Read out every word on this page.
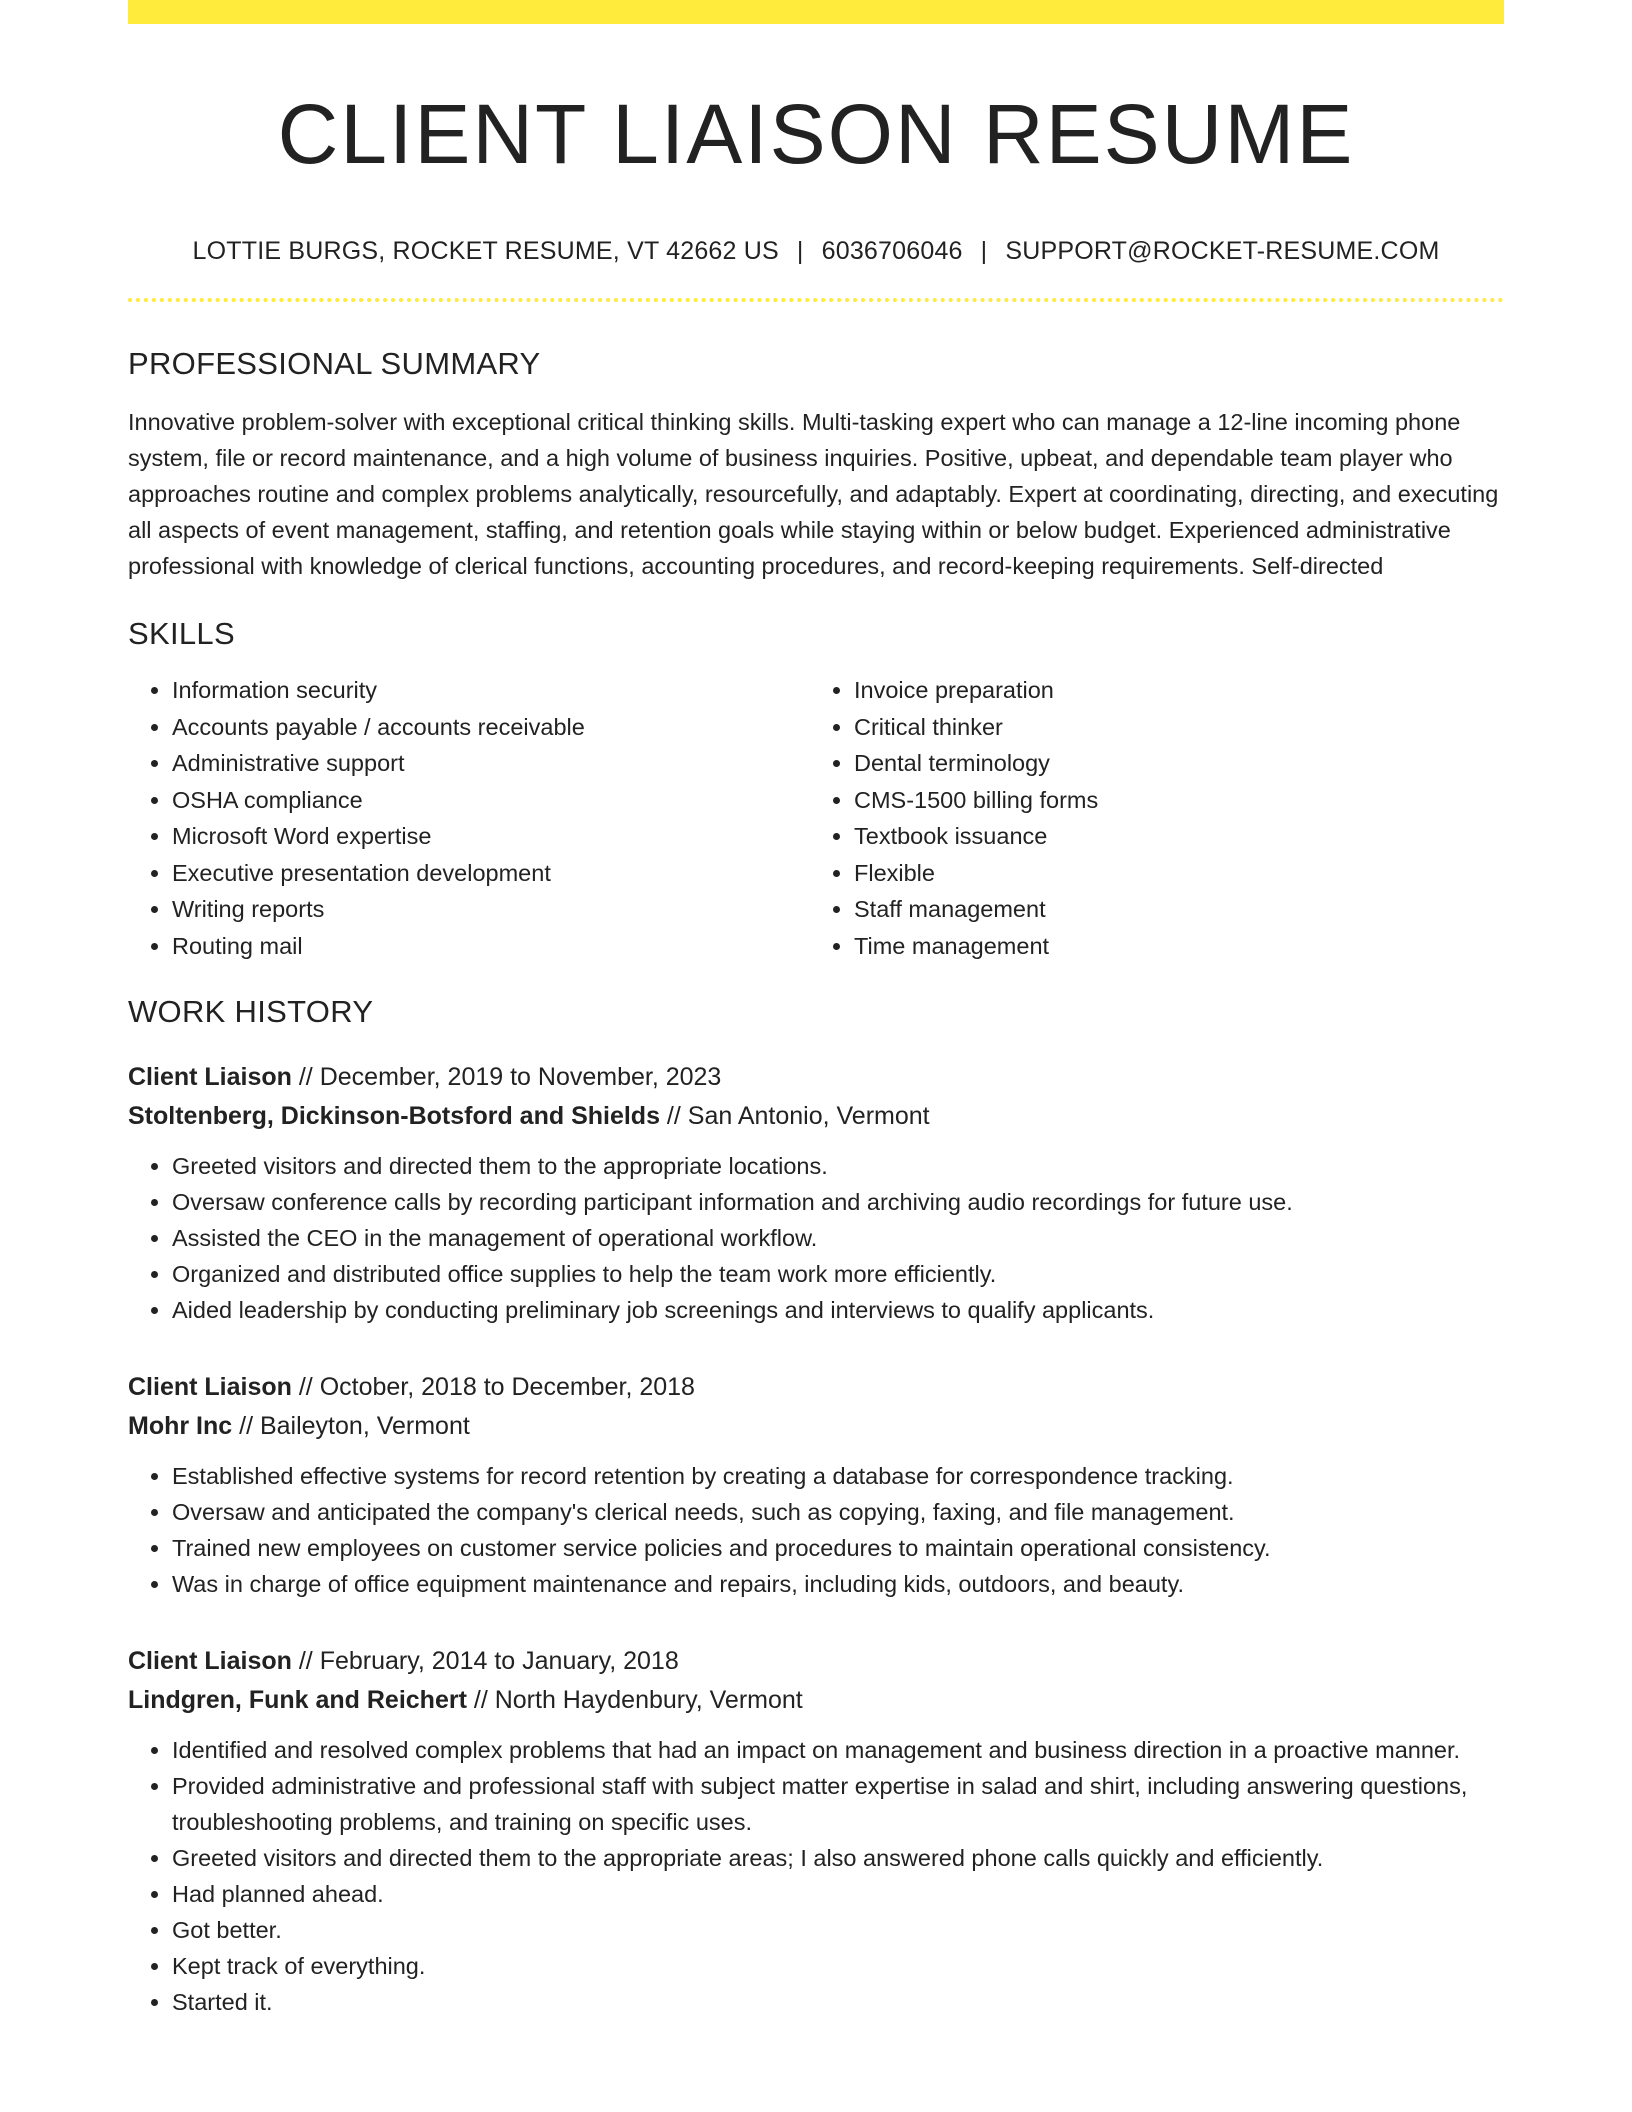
CLIENT LIAISON RESUME
LOTTIE BURGS, ROCKET RESUME, VT 42662 US | 6036706046 | SUPPORT@ROCKET-RESUME.COM
PROFESSIONAL SUMMARY

Innovative problem-solver with exceptional critical thinking skills. Multi-tasking expert who can manage a 12-line incoming phone system, file or record maintenance, and a high volume of business inquiries. Positive, upbeat, and dependable team player who approaches routine and complex problems analytically, resourcefully, and adaptably. Expert at coordinating, directing, and executing all aspects of event management, staffing, and retention goals while staying within or below budget. Experienced administrative professional with knowledge of clerical functions, accounting procedures, and record-keeping requirements. Self-directed

SKILLS
• Information security
• Accounts payable / accounts receivable
• Administrative support
• OSHA compliance
• Microsoft Word expertise
• Executive presentation development
• Writing reports
• Routing mail
• Invoice preparation
• Critical thinker
• Dental terminology
• CMS-1500 billing forms
• Textbook issuance
• Flexible
• Staff management
• Time management
WORK HISTORY
Client Liaison // December, 2019 to November, 2023
Stoltenberg, Dickinson-Botsford and Shields // San Antonio, Vermont
• Greeted visitors and directed them to the appropriate locations.
• Oversaw conference calls by recording participant information and archiving audio recordings for future use.
• Assisted the CEO in the management of operational workflow.
• Organized and distributed office supplies to help the team work more efficiently.
• Aided leadership by conducting preliminary job screenings and interviews to qualify applicants.
Client Liaison // October, 2018 to December, 2018
Mohr Inc // Baileyton, Vermont
• Established effective systems for record retention by creating a database for correspondence tracking.
• Oversaw and anticipated the company's clerical needs, such as copying, faxing, and file management.
• Trained new employees on customer service policies and procedures to maintain operational consistency.
• Was in charge of office equipment maintenance and repairs, including kids, outdoors, and beauty.
Client Liaison // February, 2014 to January, 2018
Lindgren, Funk and Reichert // North Haydenbury, Vermont
• Identified and resolved complex problems that had an impact on management and business direction in a proactive manner.
• Provided administrative and professional staff with subject matter expertise in salad and shirt, including answering questions, troubleshooting problems, and training on specific uses.
• Greeted visitors and directed them to the appropriate areas; I also answered phone calls quickly and efficiently.
• Had planned ahead.
• Got better.
• Kept track of everything.
• Started it.
